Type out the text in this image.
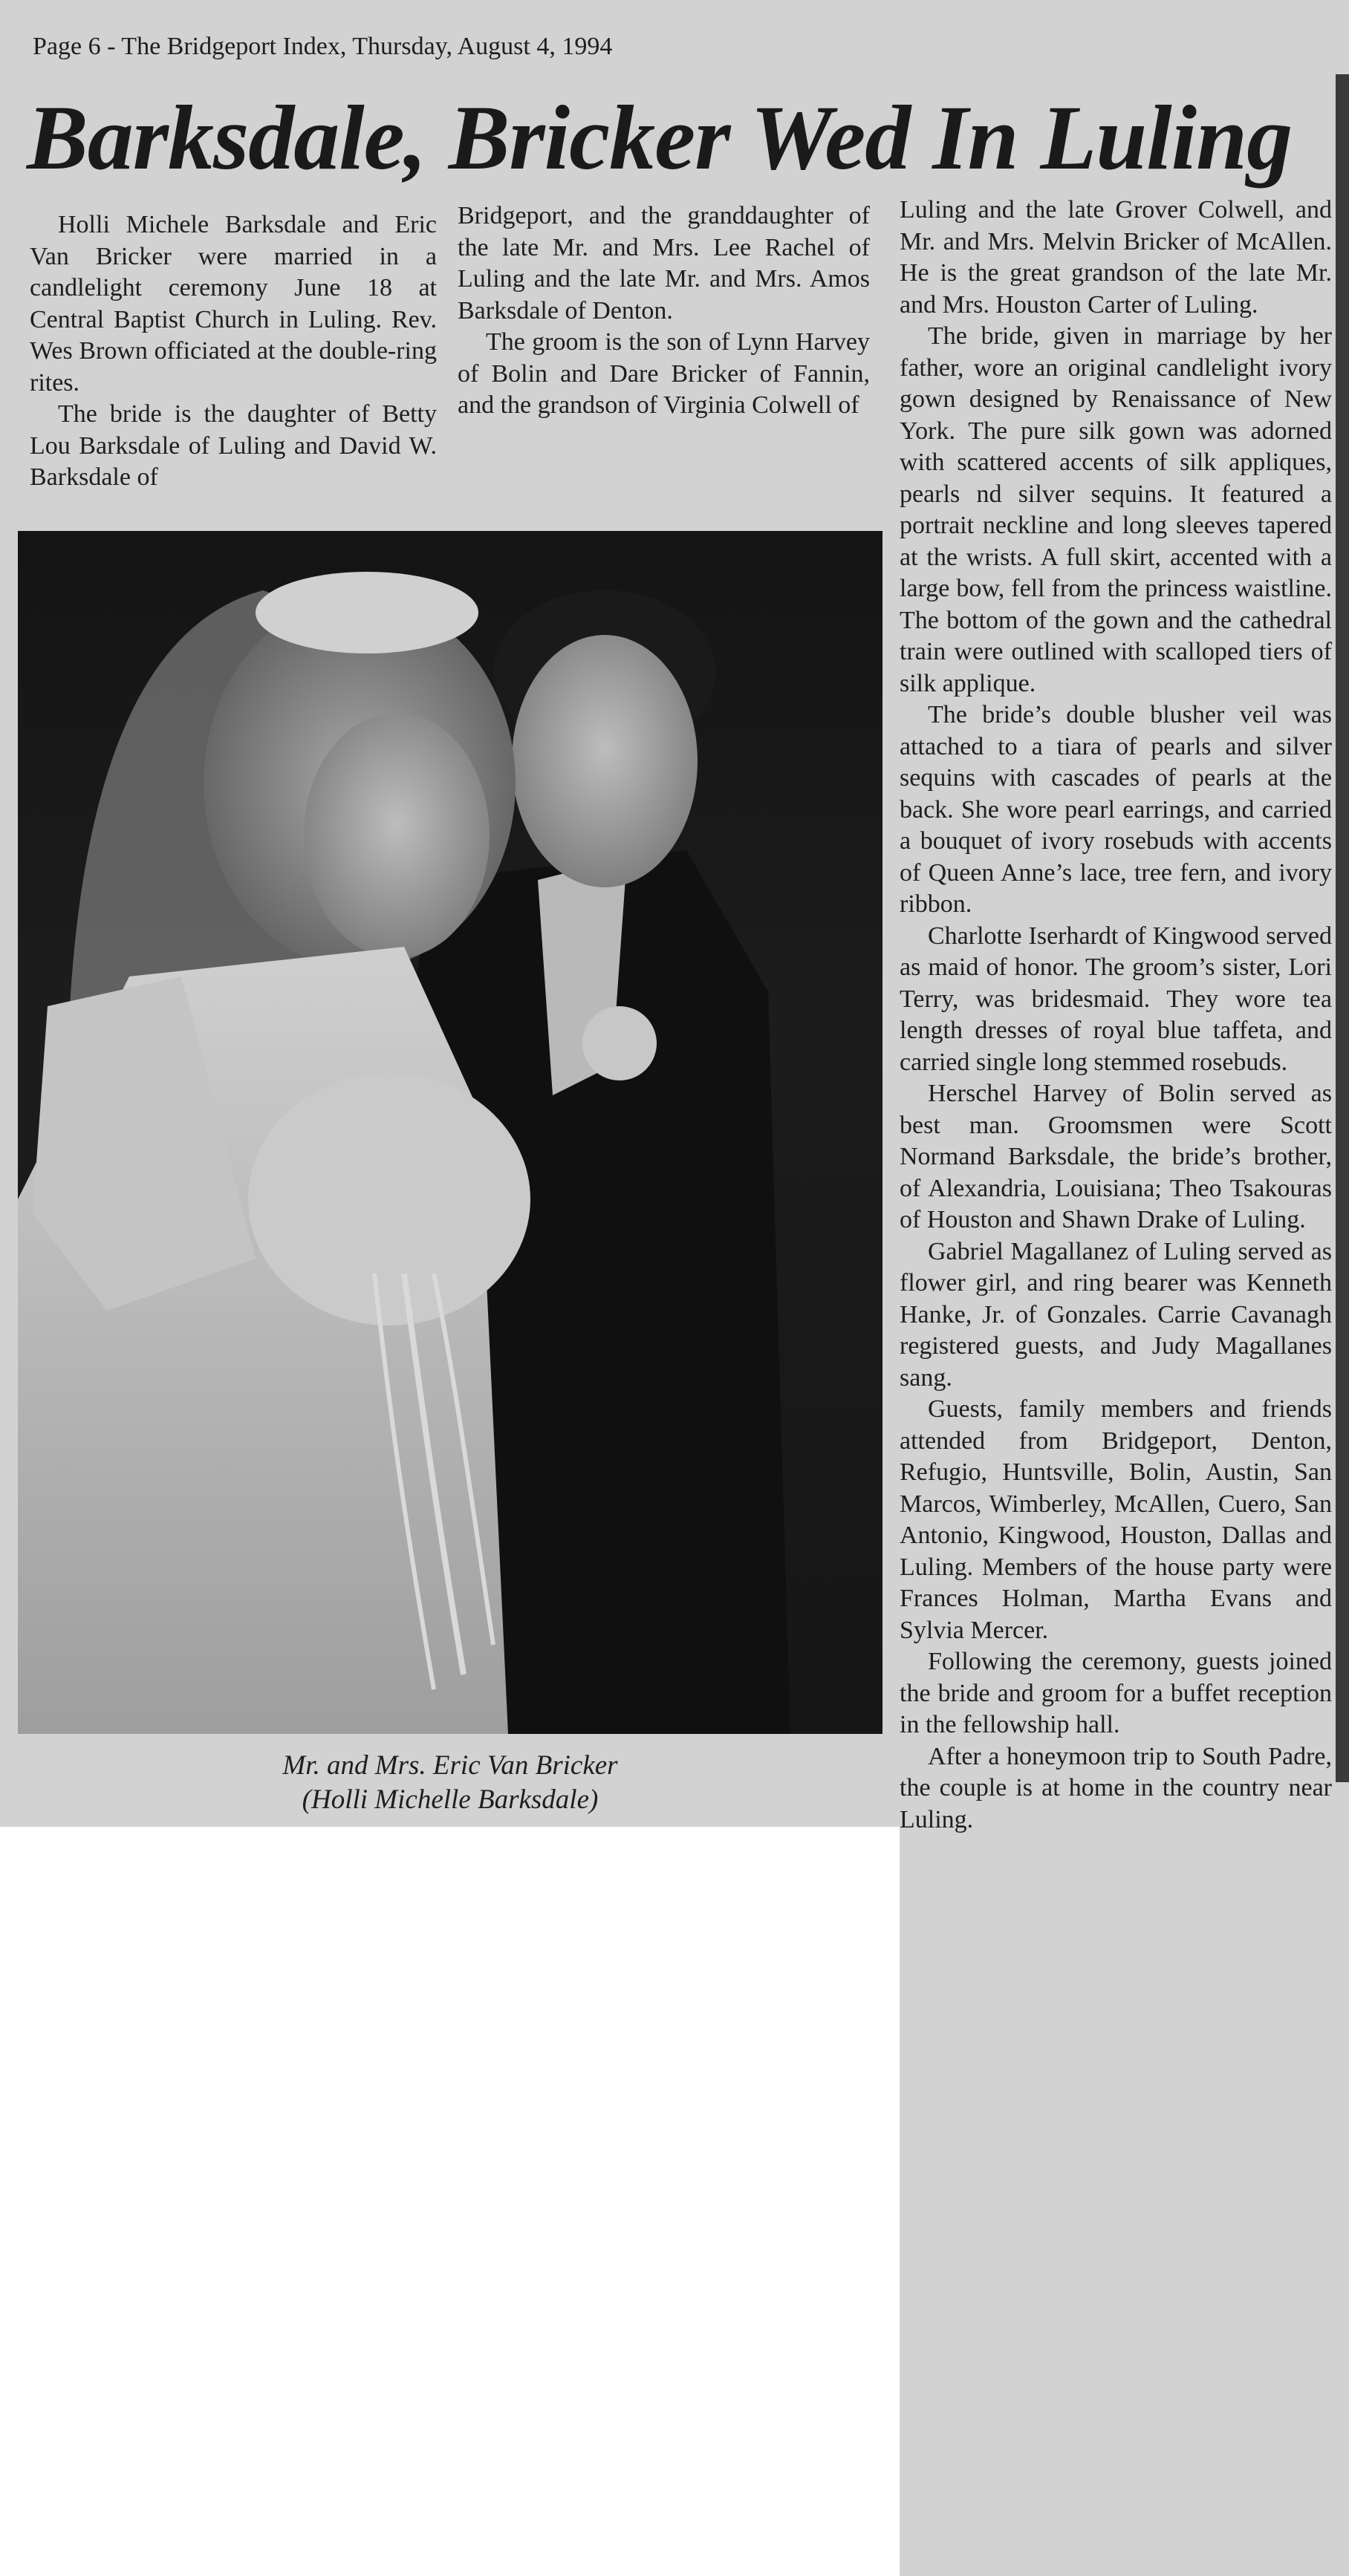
Page 6 - The Bridgeport Index, Thursday, August 4, 1994
Barksdale, Bricker Wed In Luling

Holli Michele Barksdale and Eric Van Bricker were married in a candlelight ceremony June 18 at Central Baptist Church in Luling. Rev. Wes Brown officiated at the double-ring rites.

The bride is the daughter of Betty Lou Barksdale of Luling and David W. Barksdale of

Bridgeport, and the granddaughter of the late Mr. and Mrs. Lee Rachel of Luling and the late Mr. and Mrs. Amos Barksdale of Denton.

The groom is the son of Lynn Harvey of Bolin and Dare Bricker of Fannin, and the grandson of Virginia Colwell of

Luling and the late Grover Colwell, and Mr. and Mrs. Melvin Bricker of McAllen. He is the great grandson of the late Mr. and Mrs. Houston Carter of Luling.

The bride, given in marriage by her father, wore an original candlelight ivory gown designed by Renaissance of New York. The pure silk gown was adorned with scattered accents of silk appliques, pearls nd silver sequins. It featured a portrait neckline and long sleeves tapered at the wrists. A full skirt, accented with a large bow, fell from the princess waistline. The bottom of the gown and the cathedral train were outlined with scalloped tiers of silk applique.

The bride’s double blusher veil was attached to a tiara of pearls and silver sequins with cascades of pearls at the back. She wore pearl earrings, and carried a bouquet of ivory rosebuds with accents of Queen Anne’s lace, tree fern, and ivory ribbon.

Charlotte Iserhardt of Kingwood served as maid of honor. The groom’s sister, Lori Terry, was bridesmaid. They wore tea length dresses of royal blue taffeta, and carried single long stemmed rosebuds.

Herschel Harvey of Bolin served as best man. Groomsmen were Scott Normand Barksdale, the bride’s brother, of Alexandria, Louisiana; Theo Tsakouras of Houston and Shawn Drake of Luling.

Gabriel Magallanez of Luling served as flower girl, and ring bearer was Kenneth Hanke, Jr. of Gonzales. Carrie Cavanagh registered guests, and Judy Magallanes sang.

Guests, family members and friends attended from Bridgeport, Denton, Refugio, Huntsville, Bolin, Austin, San Marcos, Wimberley, McAllen, Cuero, San Antonio, Kingwood, Houston, Dallas and Luling. Members of the house party were Frances Holman, Martha Evans and Sylvia Mercer.

Following the ceremony, guests joined the bride and groom for a buffet reception in the fellowship hall.

After a honeymoon trip to South Padre, the couple is at home in the country near Luling.

Mr. and Mrs. Eric Van Bricker
(Holli Michelle Barksdale)
